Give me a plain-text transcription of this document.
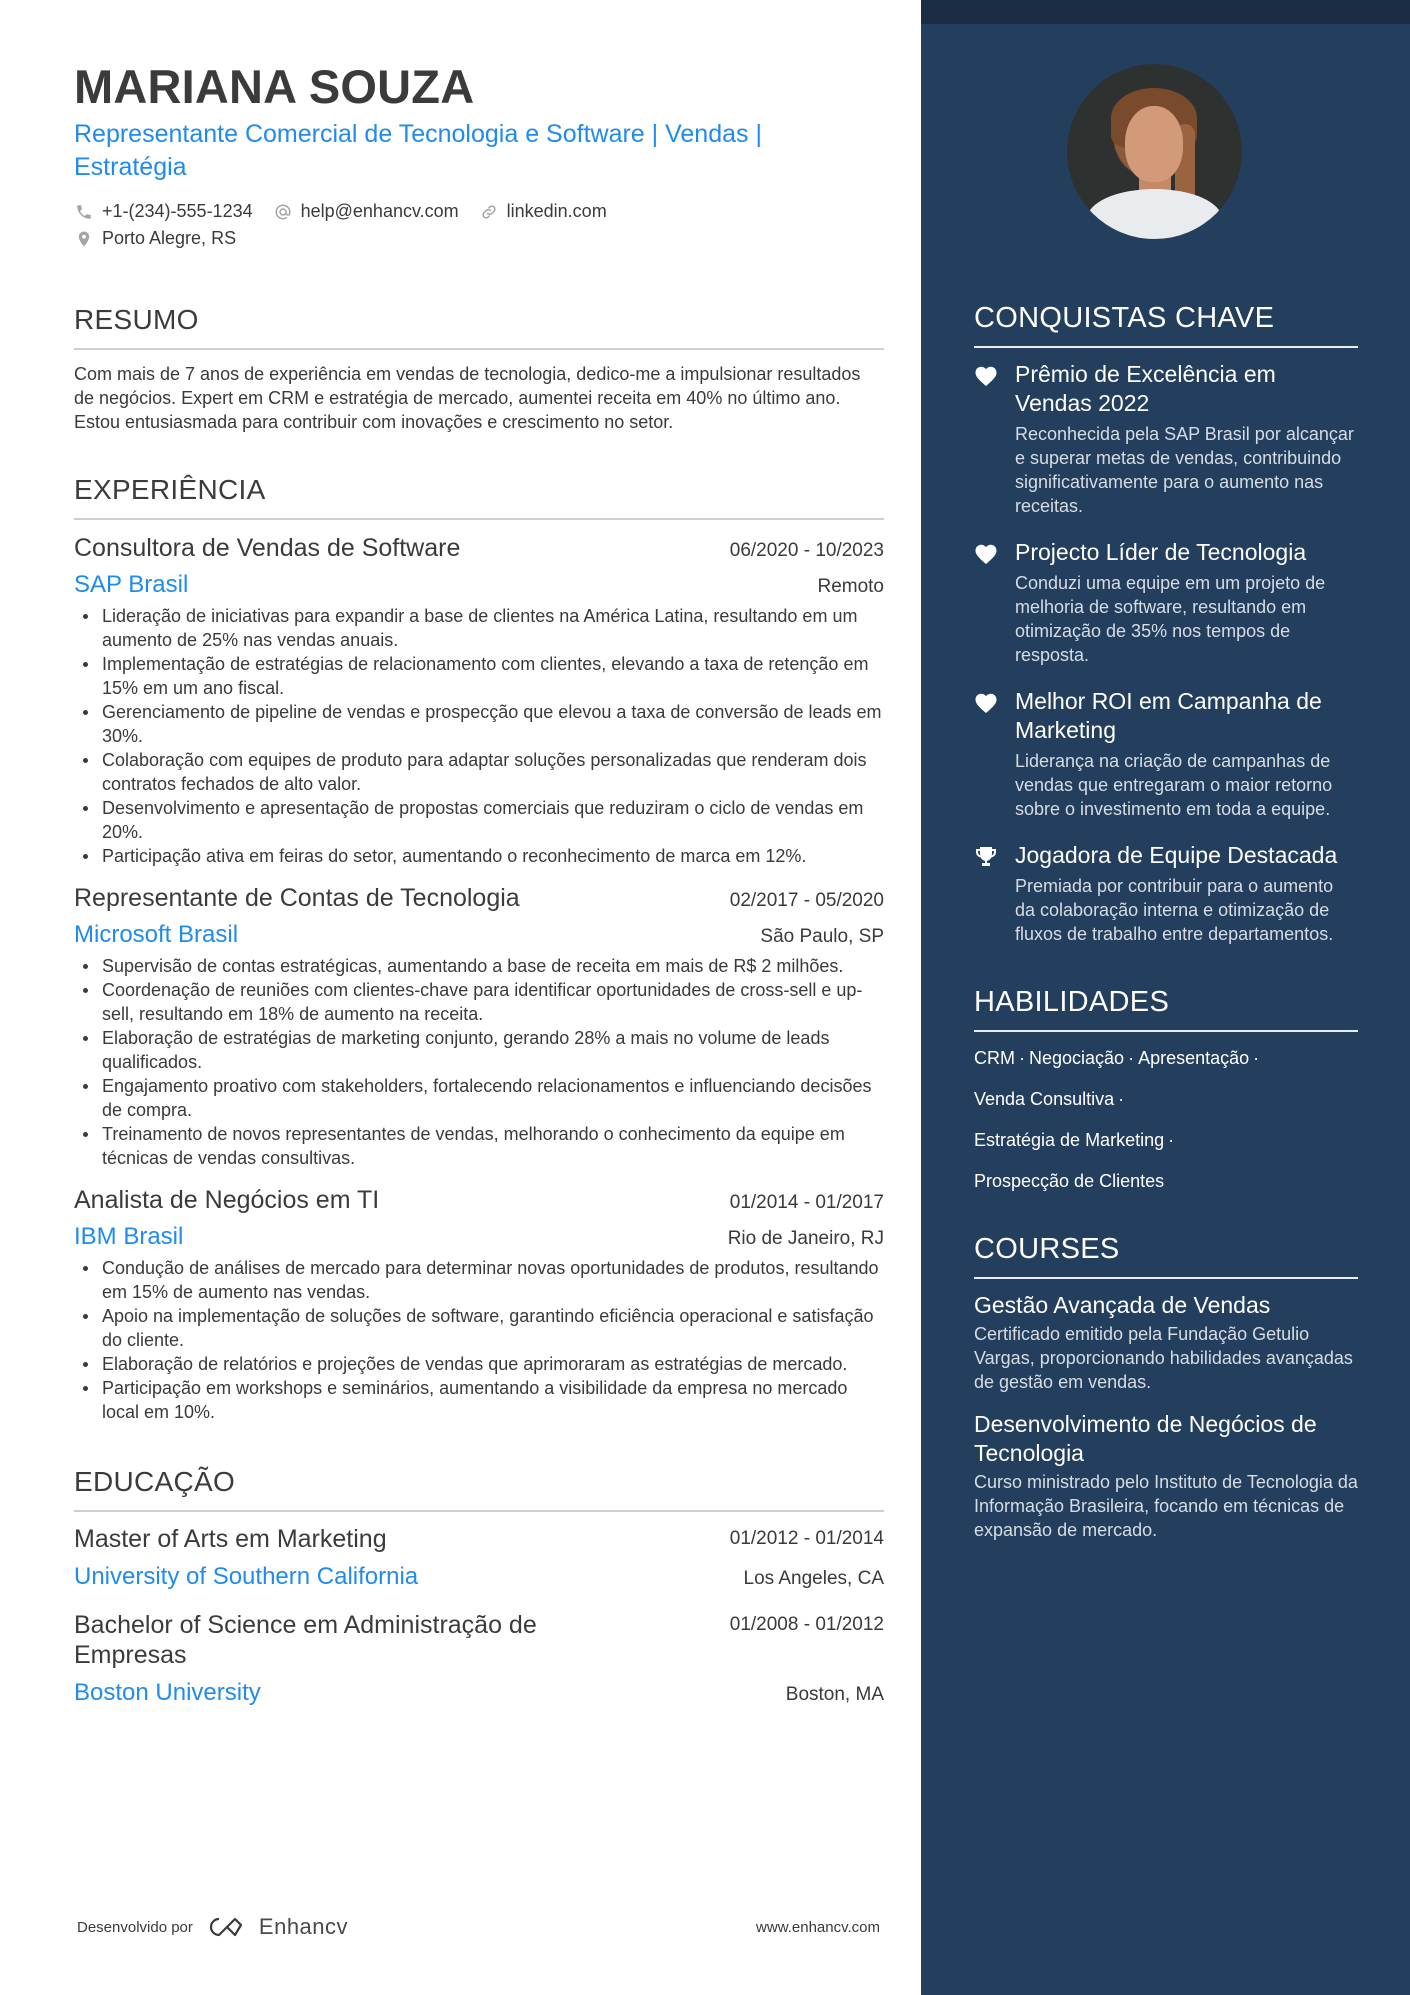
MARIANA SOUZA
Representante Comercial de Tecnologia e Software | Vendas | Estratégia
+1-(234)-555-1234	help@enhancv.com	linkedin.com
Porto Alegre, RS
RESUMO
Com mais de 7 anos de experiência em vendas de tecnologia, dedico-me a impulsionar resultados de negócios. Expert em CRM e estratégia de mercado, aumentei receita em 40% no último ano. Estou entusiasmada para contribuir com inovações e crescimento no setor.
EXPERIÊNCIA
Consultora de Vendas de Software	06/2020 - 10/2023
SAP Brasil	Remoto
Lideração de iniciativas para expandir a base de clientes na América Latina, resultando em um aumento de 25% nas vendas anuais.
Implementação de estratégias de relacionamento com clientes, elevando a taxa de retenção em 15% em um ano fiscal.
Gerenciamento de pipeline de vendas e prospecção que elevou a taxa de conversão de leads em 30%.
Colaboração com equipes de produto para adaptar soluções personalizadas que renderam dois contratos fechados de alto valor.
Desenvolvimento e apresentação de propostas comerciais que reduziram o ciclo de vendas em 20%.
Participação ativa em feiras do setor, aumentando o reconhecimento de marca em 12%.
Representante de Contas de Tecnologia	02/2017 - 05/2020
Microsoft Brasil	São Paulo, SP
Supervisão de contas estratégicas, aumentando a base de receita em mais de R$ 2 milhões.
Coordenação de reuniões com clientes-chave para identificar oportunidades de cross-sell e up-sell, resultando em 18% de aumento na receita.
Elaboração de estratégias de marketing conjunto, gerando 28% a mais no volume de leads qualificados.
Engajamento proativo com stakeholders, fortalecendo relacionamentos e influenciando decisões de compra.
Treinamento de novos representantes de vendas, melhorando o conhecimento da equipe em técnicas de vendas consultivas.
Analista de Negócios em TI	01/2014 - 01/2017
IBM Brasil	Rio de Janeiro, RJ
Condução de análises de mercado para determinar novas oportunidades de produtos, resultando em 15% de aumento nas vendas.
Apoio na implementação de soluções de software, garantindo eficiência operacional e satisfação do cliente.
Elaboração de relatórios e projeções de vendas que aprimoraram as estratégias de mercado.
Participação em workshops e seminários, aumentando a visibilidade da empresa no mercado local em 10%.
EDUCAÇÃO
Master of Arts em Marketing	01/2012 - 01/2014
University of Southern California	Los Angeles, CA
Bachelor of Science em Administração de Empresas
01/2008 - 01/2012
Boston University	Boston, MA
Desenvolvido por	Enhancv	www.enhancv.com
CONQUISTAS CHAVE
Prêmio de Excelência em Vendas 2022
Reconhecida pela SAP Brasil por alcançar e superar metas de vendas, contribuindo significativamente para o aumento nas receitas.
Projecto Líder de Tecnologia
Conduzi uma equipe em um projeto de melhoria de software, resultando em otimização de 35% nos tempos de resposta.
Melhor ROI em Campanha de Marketing
Liderança na criação de campanhas de vendas que entregaram o maior retorno sobre o investimento em toda a equipe.
Jogadora de Equipe Destacada
Premiada por contribuir para o aumento da colaboração interna e otimização de fluxos de trabalho entre departamentos.
HABILIDADES
CRM · Negociação · Apresentação ·
Venda Consultiva ·
Estratégia de Marketing ·
Prospecção de Clientes
COURSES
Gestão Avançada de Vendas
Certificado emitido pela Fundação Getulio Vargas, proporcionando habilidades avançadas de gestão em vendas.
Desenvolvimento de Negócios de Tecnologia
Curso ministrado pelo Instituto de Tecnologia da Informação Brasileira, focando em técnicas de expansão de mercado.
